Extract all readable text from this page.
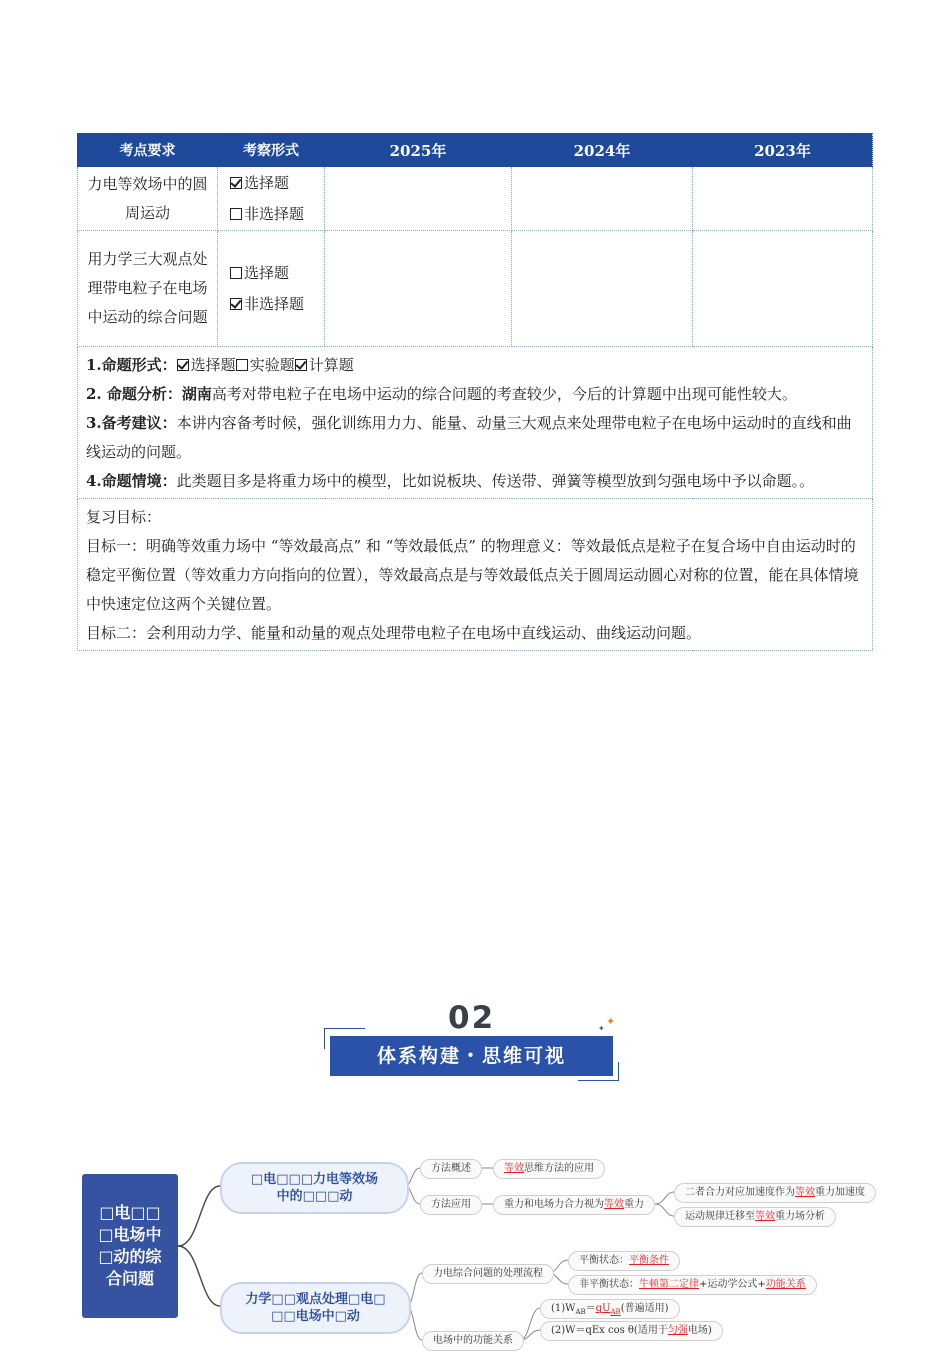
考点要求	考察形式	2025年	2024年	2023年
力电等效场中的圆周运动	选择题
非选择题			

用力学三大观点处理带电粒子在电场中运动的综合问题	选择题
非选择题			

1.命题形式： 选择题 实验题 计算题

2. 命题分析：湖南高考对带电粒子在电场中运动的综合问题的考查较少，今后的计算题中出现可能性较大。

3.备考建议：本讲内容备考时候，强化训练用力力、能量、动量三大观点来处理带电粒子在电场中运动时的直线和曲线运动的问题。

4.命题情境：此类题目多是将重力场中的模型，比如说板块、传送带、弹簧等模型放到匀强电场中予以命题。。				

复习目标：

目标一：明确等效重力场中 “等效最高点” 和 “等效最低点” 的物理意义：等效最低点是粒子在复合场中自由运动时的稳定平衡位置（等效重力方向指向的位置），等效最高点是与等效最低点关于圆周运动圆心对称的位置，能在具体情境中快速定位这两个关键位置。

目标二：会利用动力学、能量和动量的观点处理带电粒子在电场中直线运动、曲线运动问题。				

02
体系构建・思维可视
✦
✦
□电□□
□电场中
□动的综
合问题
□电□□□力电等效场
中的□□□动
力学□□观点处理□电□
□□电场中□动
方法概述	等效思维方法的应用
方法应用	重力和电场力合力视为等效重力
二者合力对应加速度作为等效重力加速度
运动规律迁移至等效重力场分析
力电综合问题的处理流程
平衡状态：平衡条件
非平衡状态：牛顿第二定律+运动学公式+功能关系
电场中的功能关系
$(1)W_{AB}=qU_{AB}$(普遍适用)
(2)W＝qEx cos θ(适用于匀强电场)
